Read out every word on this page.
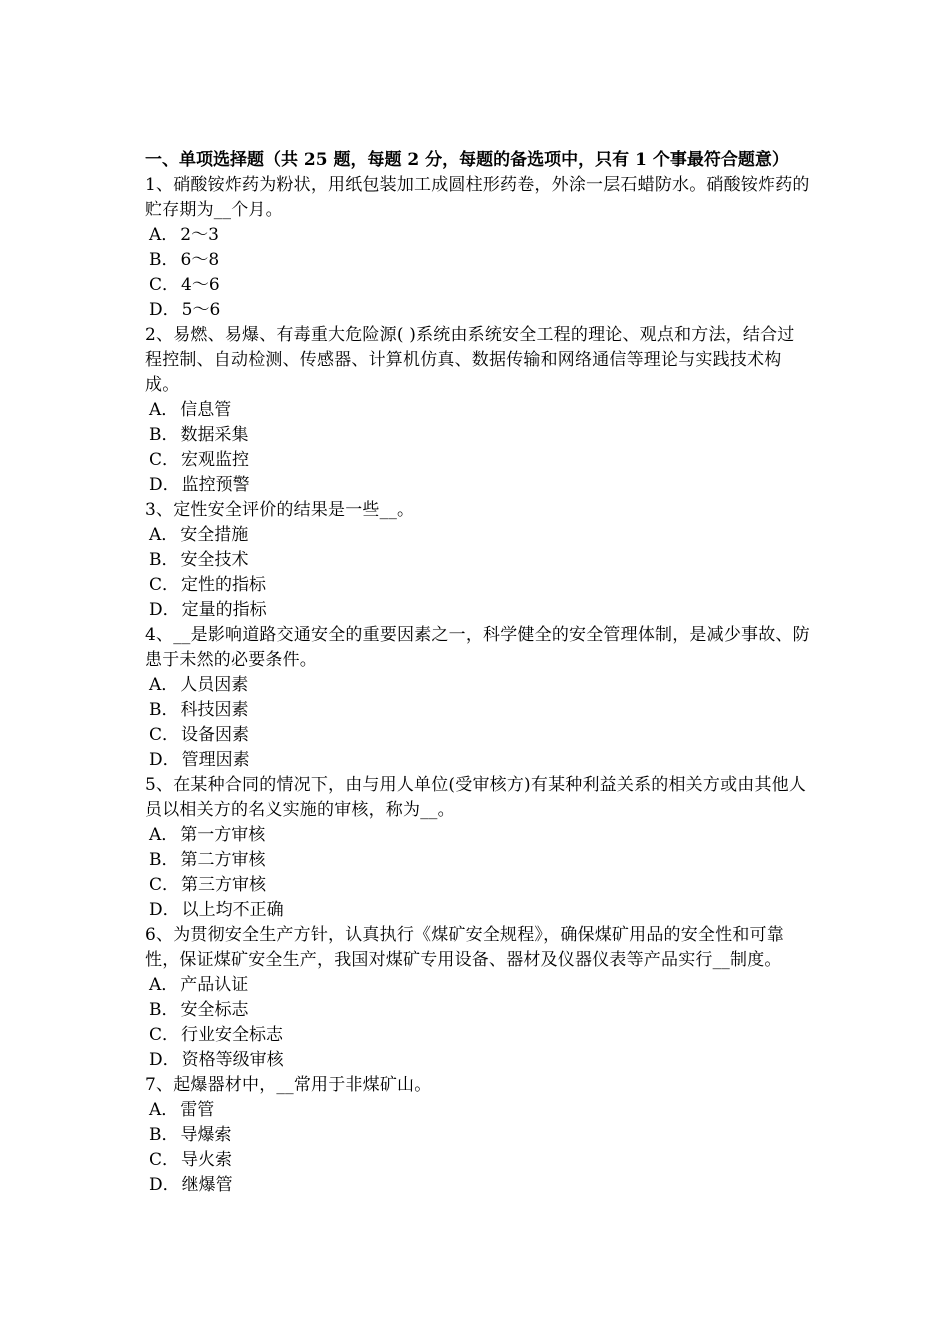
一、单项选择题（共 25 题，每题 2 分，每题的备选项中，只有 1 个事最符合题意）

1、硝酸铵炸药为粉状，用纸包装加工成圆柱形药卷，外涂一层石蜡防水。硝酸铵炸药的贮存期为__个月。

A． 2～3
B． 6～8
C． 4～6
D． 5～6

2、易燃、易爆、有毒重大危险源( )系统由系统安全工程的理论、观点和方法，结合过程控制、自动检测、传感器、计算机仿真、数据传输和网络通信等理论与实践技术构成。

A． 信息管
B． 数据采集
C． 宏观监控
D． 监控预警

3、定性安全评价的结果是一些__。

A． 安全措施
B． 安全技术
C． 定性的指标
D． 定量的指标

4、__是影响道路交通安全的重要因素之一，科学健全的安全管理体制，是减少事故、防患于未然的必要条件。

A． 人员因素
B． 科技因素
C． 设备因素
D． 管理因素

5、在某种合同的情况下，由与用人单位(受审核方)有某种利益关系的相关方或由其他人员以相关方的名义实施的审核，称为__。

A． 第一方审核
B． 第二方审核
C． 第三方审核
D． 以上均不正确

6、为贯彻安全生产方针，认真执行《煤矿安全规程》，确保煤矿用品的安全性和可靠性，保证煤矿安全生产，我国对煤矿专用设备、器材及仪器仪表等产品实行__制度。

A． 产品认证
B． 安全标志
C． 行业安全标志
D． 资格等级审核

7、起爆器材中，__常用于非煤矿山。

A． 雷管
B． 导爆索
C． 导火索
D． 继爆管
